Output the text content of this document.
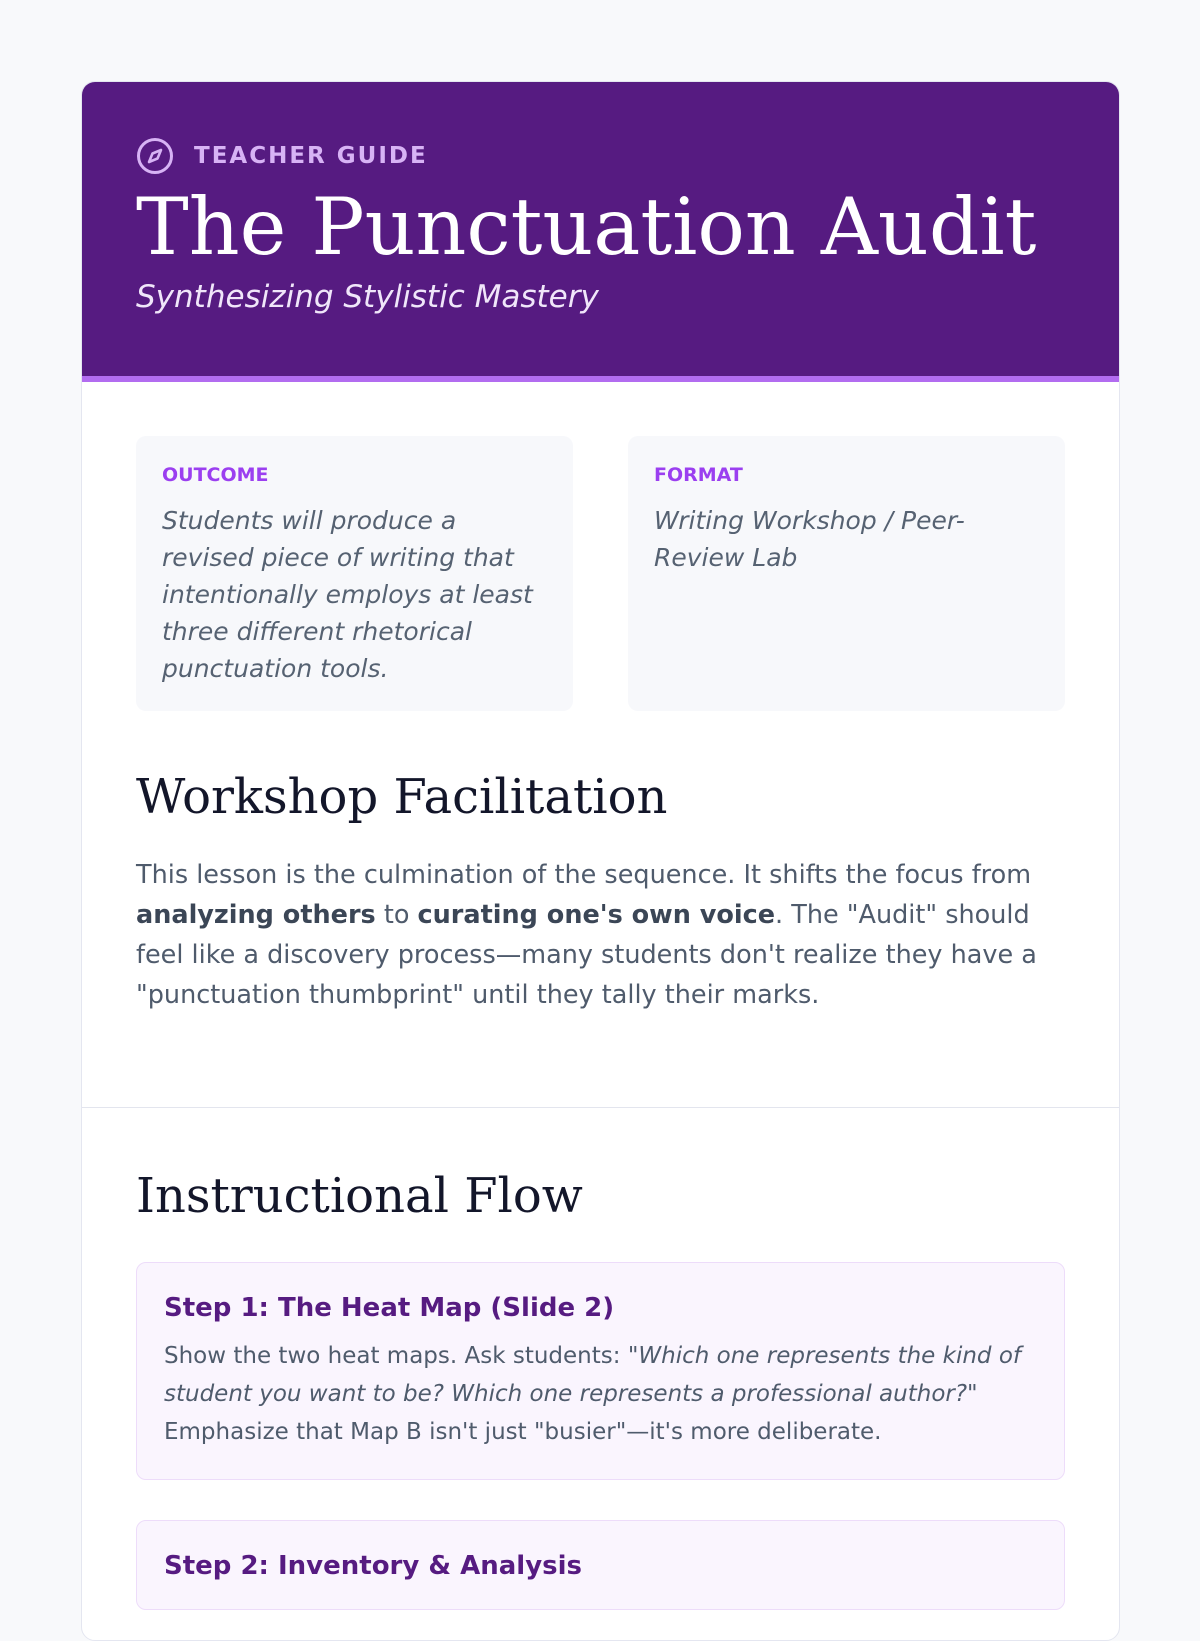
TEACHER GUIDE
The Punctuation Audit
Synthesizing Stylistic Mastery
OUTCOME
Students will produce a revised piece of writing that intentionally employs at least three different rhetorical punctuation tools.
FORMAT
Writing Workshop / Peer-Review Lab
Workshop Facilitation
This lesson is the culmination of the sequence. It shifts the focus from analyzing others to curating one's own voice. The "Audit" should feel like a discovery process—many students don't realize they have a "punctuation thumbprint" until they tally their marks.
Instructional Flow
Step 1: The Heat Map (Slide 2)
Show the two heat maps. Ask students: "Which one represents the kind of student you want to be? Which one represents a professional author?" Emphasize that Map B isn't just "busier"—it's more deliberate.
Step 2: Inventory & Analysis
